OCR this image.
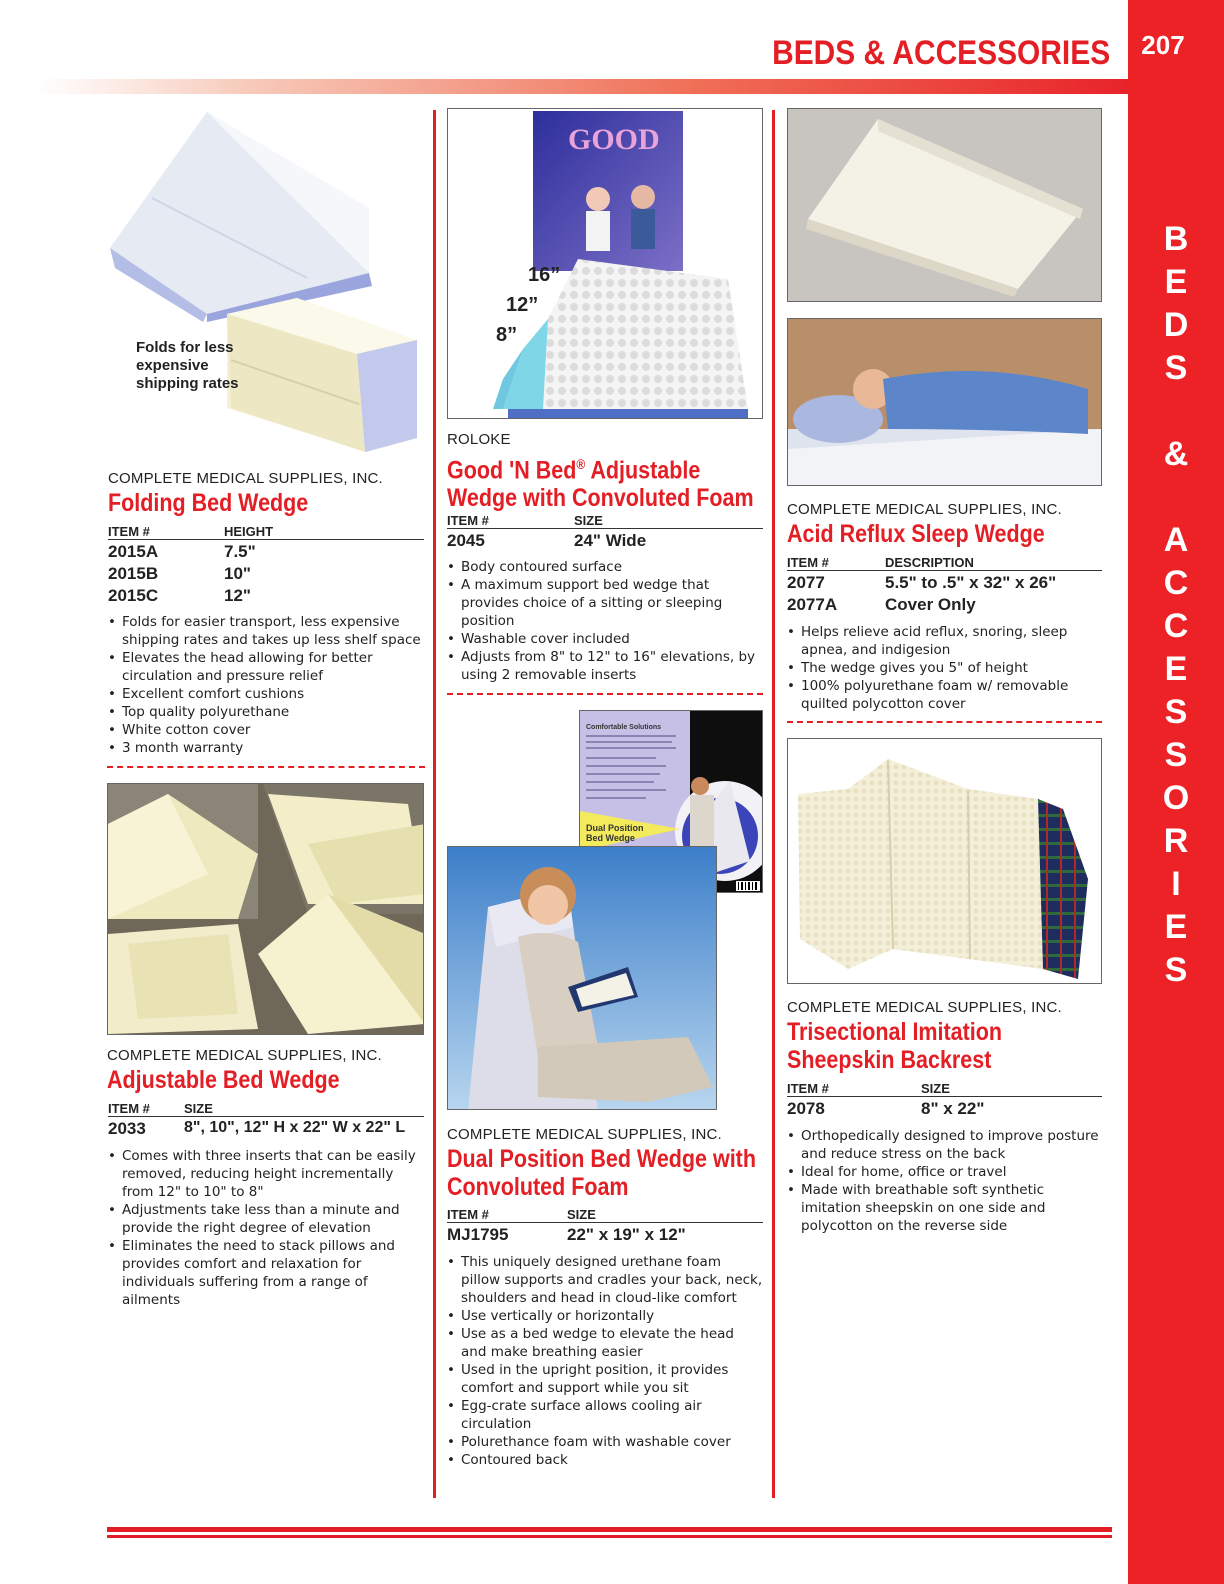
207
B
E
D
S
&
A
C
C
E
S
S
O
R
I
E
S
BEDS & ACCESSORIES
Folds for less
expensive
shipping rates
COMPLETE MEDICAL SUPPLIES, INC.
Folding Bed Wedge
ITEM #	HEIGHT
2015A	7.5"
2015B	10"
2015C	12"
• Folds for easier transport, less expensive shipping rates and takes up less shelf space
• Elevates the head allowing for better circulation and pressure relief
• Excellent comfort cushions
• Top quality polyurethane
• White cotton cover
• 3 month warranty
COMPLETE MEDICAL SUPPLIES, INC.
Adjustable Bed Wedge
ITEM #	SIZE
2033 8", 10", 12" H x 22" W x 22" L
• Comes with three inserts that can be easily removed, reducing height incrementally from 12" to 10" to 8"
• Adjustments take less than a minute and provide the right degree of elevation
• Eliminates the need to stack pillows and provides comfort and relaxation for individuals suffering from a range of ailments
GOOD
16”
12”
8”
ROLOKE
Good 'N Bed® Adjustable
Wedge with Convoluted Foam
ITEM #	SIZE
2045	24" Wide
• Body contoured surface
• A maximum support bed wedge that provides choice of a sitting or sleeping position
• Washable cover included
• Adjusts from 8" to 12" to 16" elevations, by using 2 removable inserts
Comfortable Solutions
Dual Position
Bed Wedge
COMPLETE MEDICAL SUPPLIES, INC.
Dual Position Bed Wedge with
Convoluted Foam
ITEM #	SIZE
MJ1795	22" x 19" x 12"
• This uniquely designed urethane foam pillow supports and cradles your back, neck, shoulders and head in cloud-like comfort
• Use vertically or horizontally
• Use as a bed wedge to elevate the head and make breathing easier
• Used in the upright position, it provides comfort and support while you sit
• Egg-crate surface allows cooling air circulation
• Polurethance foam with washable cover
• Contoured back
COMPLETE MEDICAL SUPPLIES, INC.
Acid Reflux Sleep Wedge
ITEM #	DESCRIPTION
2077	5.5" to .5" x 32" x 26"
2077A	Cover Only
• Helps relieve acid reflux, snoring, sleep apnea, and indigesion
• The wedge gives you 5" of height
• 100% polyurethane foam w/ removable quilted polycotton cover
COMPLETE MEDICAL SUPPLIES, INC.
Trisectional Imitation
Sheepskin Backrest
ITEM #	SIZE
2078	8" x 22"
• Orthopedically designed to improve posture and reduce stress on the back
• Ideal for home, office or travel
• Made with breathable soft synthetic imitation sheepskin on one side and polycotton on the reverse side
